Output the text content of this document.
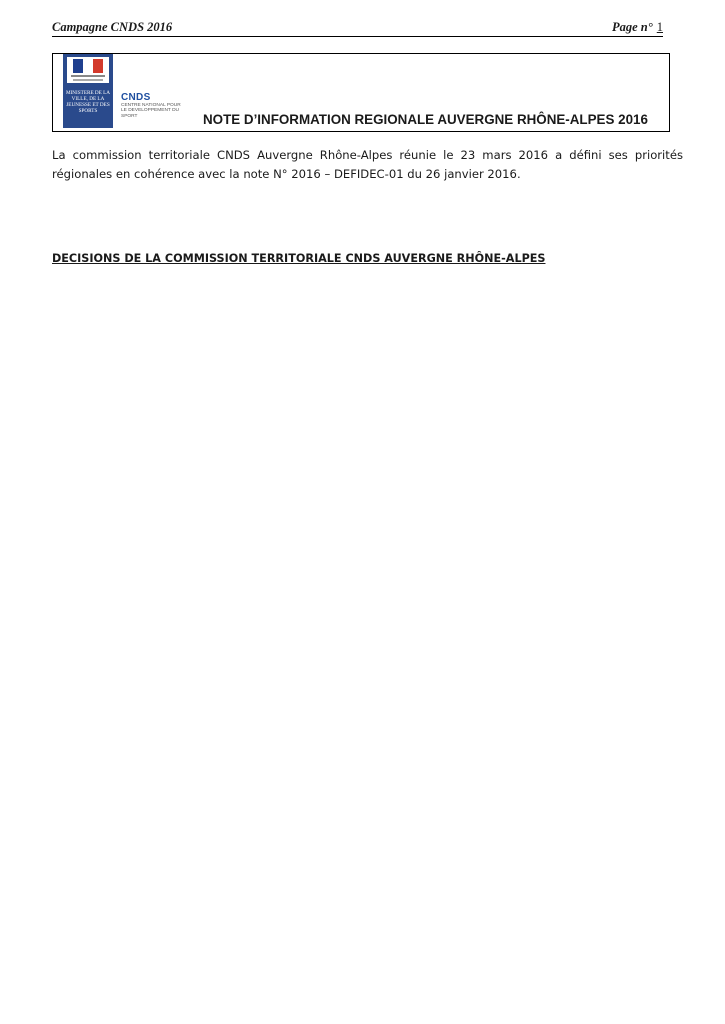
Campagne CNDS 2016	Page n° 1
MINISTERE DE LA VILLE, DE LA JEUNESSE ET DES SPORTS
CNDS
CENTRE NATIONAL POUR LE DEVELOPPEMENT DU SPORT	NOTE D’INFORMATION REGIONALE AUVERGNE RHÔNE-ALPES 2016

La commission territoriale CNDS Auvergne Rhône-Alpes réunie le 23 mars 2016 a défini ses priorités régionales en cohérence avec la note N° 2016 – DEFIDEC-01 du 26 janvier 2016.

DECISIONS DE LA COMMISSION TERRITORIALE CNDS AUVERGNE RHÔNE-ALPES
